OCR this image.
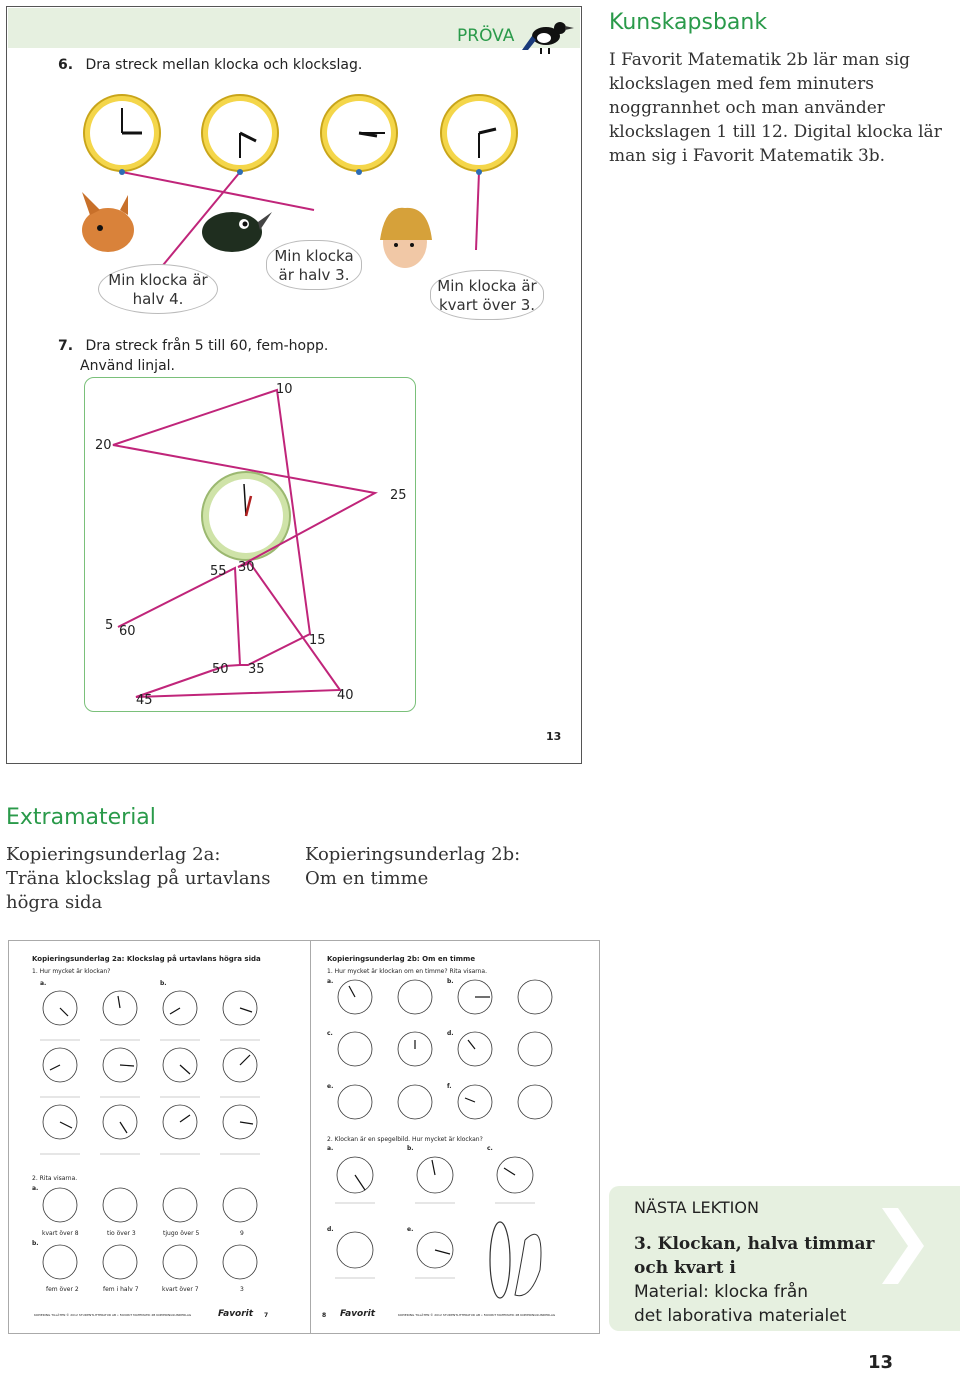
6. Dra streck mellan klocka och klockslag.
PRÖVA
Min klocka är halv 4.
Min klocka är halv 3.
Min klocka är kvart över 3.
7. Dra streck från 5 till 60, fem-hopp.
Använd linjal.
10
20
25
55 30
5 60
15
50 35
45	40
13
Kunskapsbank
I Favorit Matematik 2b lär man sig klockslagen med fem minuters noggrannhet och man använder klockslagen 1 till 12. Digital klocka lär man sig i Favorit Matematik 3b.
Extramaterial
Kopieringsunderlag 2a:
Träna klockslag på urtavlans
högra sida
Kopieringsunderlag 2b:
Om en timme
Kopieringsunderlag 2a: Klockslag på urtavlans högra sida
1. Hur mycket är klockan?
a.	b.
2. Rita visarna.
a.
b.
kvart över 8	tio över 3	tjugo över 5	9
fem över 2	fem i halv 7	kvart över 7	3
KOPIERING TILLÅTEN © 2012 STUDENTLITTERATUR AB • FAVORIT MATEMATIK 2B KOPIERINGSUNDERLAG	Favorit 7
Kopieringsunderlag 2b: Om en timme
1. Hur mycket är klockan om en timme? Rita visarna.
a.	b.
c.	d.
e.	f.
2. Klockan är en spegelbild. Hur mycket är klockan?
a.	b.	c.
d.	e.
8 Favorit	KOPIERING TILLÅTEN © 2012 STUDENTLITTERATUR AB • FAVORIT MATEMATIK 2B KOPIERINGSUNDERLAG
NÄSTA LEKTION
3. Klockan, halva timmar
och kvart i
Material: klocka från
det laborativa materialet
13
